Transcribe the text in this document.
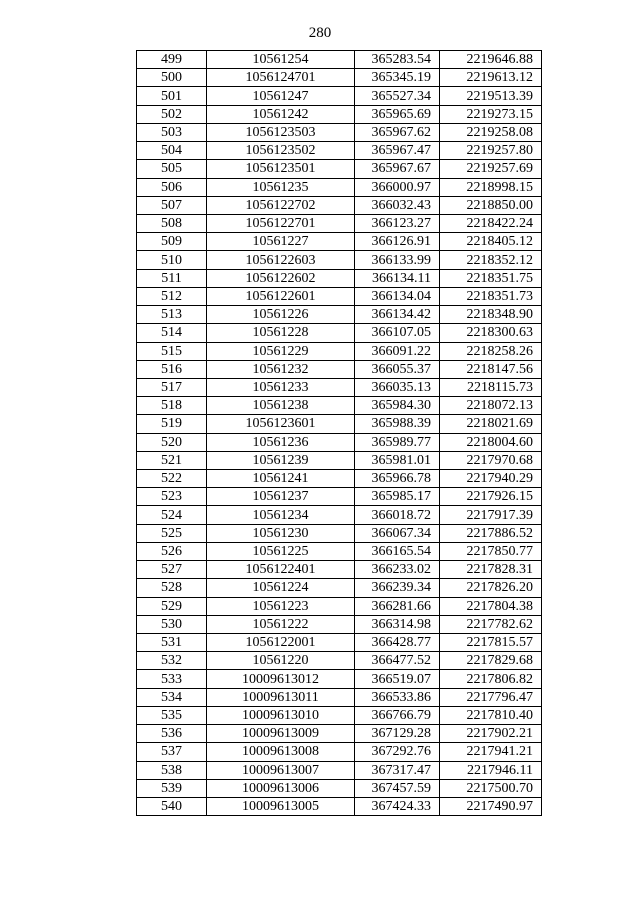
280
499	10561254	365283.54	2219646.88
500	1056124701	365345.19	2219613.12
501	10561247	365527.34	2219513.39
502	10561242	365965.69	2219273.15
503	1056123503	365967.62	2219258.08
504	1056123502	365967.47	2219257.80
505	1056123501	365967.67	2219257.69
506	10561235	366000.97	2218998.15
507	1056122702	366032.43	2218850.00
508	1056122701	366123.27	2218422.24
509	10561227	366126.91	2218405.12
510	1056122603	366133.99	2218352.12
511	1056122602	366134.11	2218351.75
512	1056122601	366134.04	2218351.73
513	10561226	366134.42	2218348.90
514	10561228	366107.05	2218300.63
515	10561229	366091.22	2218258.26
516	10561232	366055.37	2218147.56
517	10561233	366035.13	2218115.73
518	10561238	365984.30	2218072.13
519	1056123601	365988.39	2218021.69
520	10561236	365989.77	2218004.60
521	10561239	365981.01	2217970.68
522	10561241	365966.78	2217940.29
523	10561237	365985.17	2217926.15
524	10561234	366018.72	2217917.39
525	10561230	366067.34	2217886.52
526	10561225	366165.54	2217850.77
527	1056122401	366233.02	2217828.31
528	10561224	366239.34	2217826.20
529	10561223	366281.66	2217804.38
530	10561222	366314.98	2217782.62
531	1056122001	366428.77	2217815.57
532	10561220	366477.52	2217829.68
533	10009613012	366519.07	2217806.82
534	10009613011	366533.86	2217796.47
535	10009613010	366766.79	2217810.40
536	10009613009	367129.28	2217902.21
537	10009613008	367292.76	2217941.21
538	10009613007	367317.47	2217946.11
539	10009613006	367457.59	2217500.70
540	10009613005	367424.33	2217490.97
